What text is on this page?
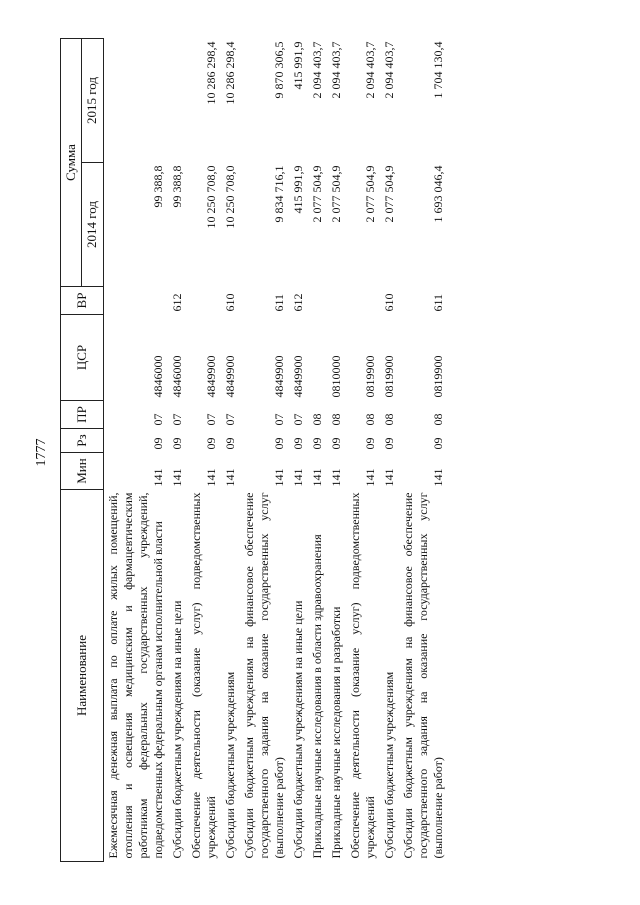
1777
Наименование	Мин	Рз	ПР	ЦСР	ВР	Сумма	
						2014 год	2015 год
Ежемесячная денежная выплата по оплате жилых помещений, отопления и освещения медицинским и фармацевтическим работникам федеральных государственных учреждений, подведомственных федеральным органам исполнительной власти	141	09	07	4846000		99 388,8	
Субсидии бюджетным учреждениям на иные цели	141	09	07	4846000	612	99 388,8	
Обеспечение деятельности (оказание услуг) подведомственных учреждений	141	09	07	4849900		10 250 708,0	10 286 298,4
Субсидии бюджетным учреждениям	141	09	07	4849900	610	10 250 708,0	10 286 298,4
Субсидии бюджетным учреждениям на финансовое обеспечение государственного задания на оказание государственных услуг (выполнение работ)	141	09	07	4849900	611	9 834 716,1	9 870 306,5
Субсидии бюджетным учреждениям на иные цели	141	09	07	4849900	612	415 991,9	415 991,9
Прикладные научные исследования в области здравоохранения	141	09	08			2 077 504,9	2 094 403,7
Прикладные научные исследования и разработки	141	09	08	0810000		2 077 504,9	2 094 403,7
Обеспечение деятельности (оказание услуг) подведомственных учреждений	141	09	08	0819900		2 077 504,9	2 094 403,7
Субсидии бюджетным учреждениям	141	09	08	0819900	610	2 077 504,9	2 094 403,7
Субсидии бюджетным учреждениям на финансовое обеспечение государственного задания на оказание государственных услуг (выполнение работ)	141	09	08	0819900	611	1 693 046,4	1 704 130,4
